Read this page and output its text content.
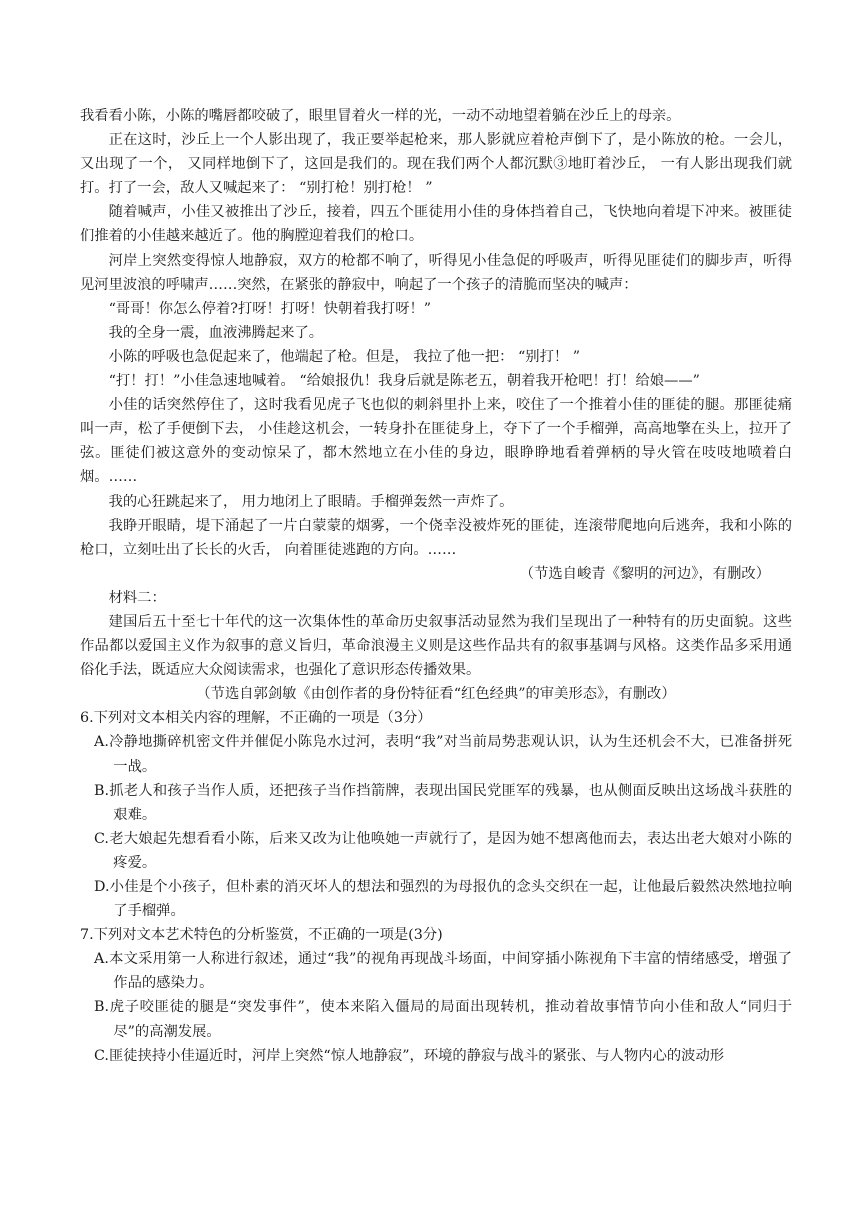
我看看小陈，小陈的嘴唇都咬破了，眼里冒着火一样的光，一动不动地望着躺在沙丘上的母亲。

正在这时，沙丘上一个人影出现了，我正要举起枪来，那人影就应着枪声倒下了，是小陈放的枪。一会儿，又出现了一个， 又同样地倒下了，这回是我们的。现在我们两个人都沉默③地盯着沙丘， 一有人影出现我们就打。打了一会，敌人又喊起来了： “别打枪！别打枪！ ”

随着喊声，小佳又被推出了沙丘，接着，四五个匪徒用小佳的身体挡着自己，飞快地向着堤下冲来。被匪徒们推着的小佳越来越近了。他的胸膛迎着我们的枪口。

河岸上突然变得惊人地静寂，双方的枪都不响了，听得见小佳急促的呼吸声，听得见匪徒们的脚步声，听得见河里波浪的呼啸声……突然，在紧张的静寂中，响起了一个孩子的清脆而坚决的喊声：

“哥哥！你怎么停着?打呀！打呀！快朝着我打呀！”

我的全身一震，血液沸腾起来了。

小陈的呼吸也急促起来了，他端起了枪。但是， 我拉了他一把： “别打！ ”

“打！打！”小佳急速地喊着。 “给娘报仇！我身后就是陈老五，朝着我开枪吧！打！给娘——”

小佳的话突然停住了，这时我看见虎子飞也似的刺斜里扑上来，咬住了一个推着小佳的匪徒的腿。那匪徒痛叫一声，松了手便倒下去， 小佳趁这机会，一转身扑在匪徒身上，夺下了一个手榴弹，高高地擎在头上，拉开了弦。匪徒们被这意外的变动惊呆了，都木然地立在小佳的身边，眼睁睁地看着弹柄的导火管在吱吱地喷着白烟。……

我的心狂跳起来了， 用力地闭上了眼睛。手榴弹轰然一声炸了。

我睁开眼睛，堤下涌起了一片白蒙蒙的烟雾，一个侥幸没被炸死的匪徒，连滚带爬地向后逃奔，我和小陈的枪口，立刻吐出了长长的火舌， 向着匪徒逃跑的方向。……

（节选自峻青《黎明的河边》，有删改）

材料二：

建国后五十至七十年代的这一次集体性的革命历史叙事活动显然为我们呈现出了一种特有的历史面貌。这些作品都以爱国主义作为叙事的意义旨归，革命浪漫主义则是这些作品共有的叙事基调与风格。这类作品多采用通俗化手法，既适应大众阅读需求，也强化了意识形态传播效果。

（节选自郭剑敏《由创作者的身份特征看“红色经典”的审美形态》，有删改）

6.下列对文本相关内容的理解，不正确的一项是（3分）

A.冷静地撕碎机密文件并催促小陈凫水过河，表明“我”对当前局势悲观认识，认为生还机会不大，已准备拼死一战。

B.抓老人和孩子当作人质，还把孩子当作挡箭牌，表现出国民党匪军的残暴，也从侧面反映出这场战斗获胜的艰难。

C.老大娘起先想看看小陈，后来又改为让他唤她一声就行了，是因为她不想离他而去，表达出老大娘对小陈的疼爱。

D.小佳是个小孩子，但朴素的消灭坏人的想法和强烈的为母报仇的念头交织在一起，让他最后毅然决然地拉响了手榴弹。

7.下列对文本艺术特色的分析鉴赏，不正确的一项是(3分)

A.本文采用第一人称进行叙述，通过“我”的视角再现战斗场面，中间穿插小陈视角下丰富的情绪感受，增强了作品的感染力。

B.虎子咬匪徒的腿是“突发事件”，使本来陷入僵局的局面出现转机，推动着故事情节向小佳和敌人“同归于尽”的高潮发展。

C.匪徒挟持小佳逼近时，河岸上突然“惊人地静寂”，环境的静寂与战斗的紧张、与人物内心的波动形
